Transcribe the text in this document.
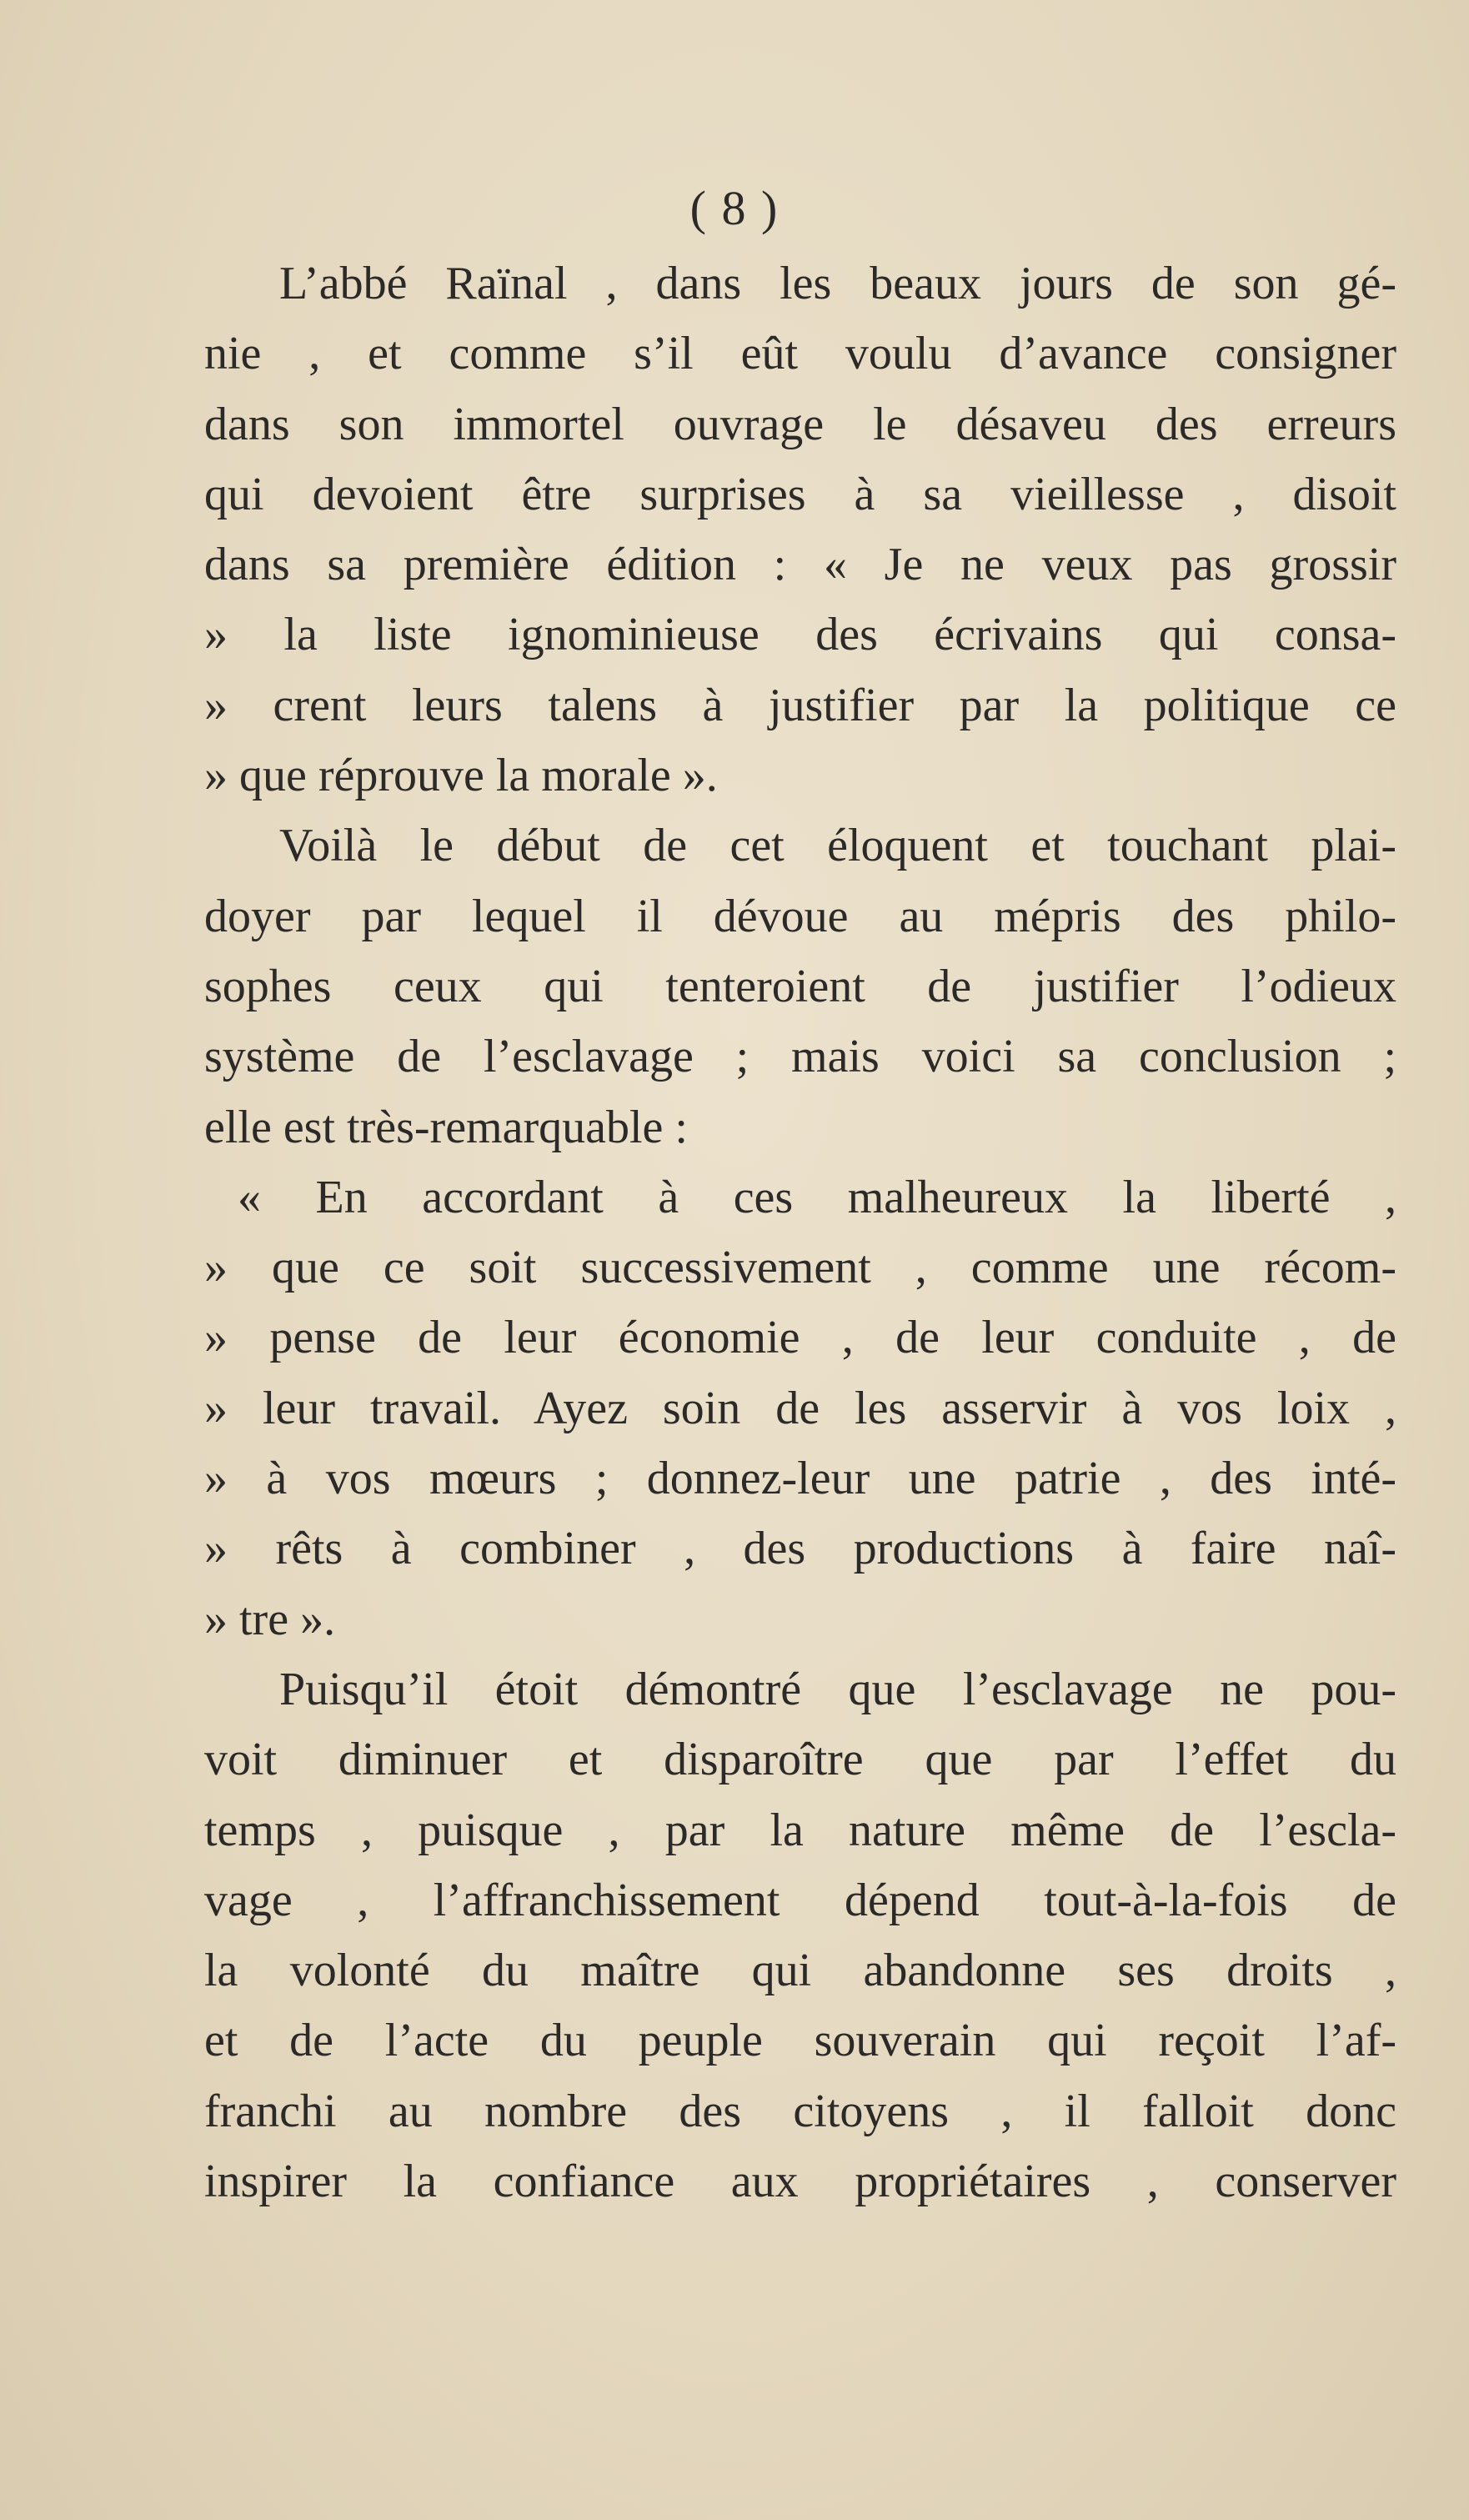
( 8 )
L’abbé Raïnal , dans les beaux jours de son gé-
nie , et comme s’il eût voulu d’avance consigner
dans son immortel ouvrage le désaveu des erreurs
qui devoient être surprises à sa vieillesse , disoit
dans sa première édition : « Je ne veux pas grossir
» la liste ignominieuse des écrivains qui consa-
» crent leurs talens à justifier par la politique ce
» que réprouve la morale ».
Voilà le début de cet éloquent et touchant plai-
doyer par lequel il dévoue au mépris des philo-
sophes ceux qui tenteroient de justifier l’odieux
système de l’esclavage ; mais voici sa conclusion ;
elle est très-remarquable :
« En accordant à ces malheureux la liberté ,
» que ce soit successivement , comme une récom-
» pense de leur économie , de leur conduite , de
» leur travail. Ayez soin de les asservir à vos loix ,
» à vos mœurs ; donnez-leur une patrie , des inté-
» rêts à combiner , des productions à faire naî-
» tre ».
Puisqu’il étoit démontré que l’esclavage ne pou-
voit diminuer et disparoître que par l’effet du
temps , puisque , par la nature même de l’escla-
vage , l’affranchissement dépend tout-à-la-fois de
la volonté du maître qui abandonne ses droits ,
et de l’acte du peuple souverain qui reçoit l’af-
franchi au nombre des citoyens , il falloit donc
inspirer la confiance aux propriétaires , conserver
